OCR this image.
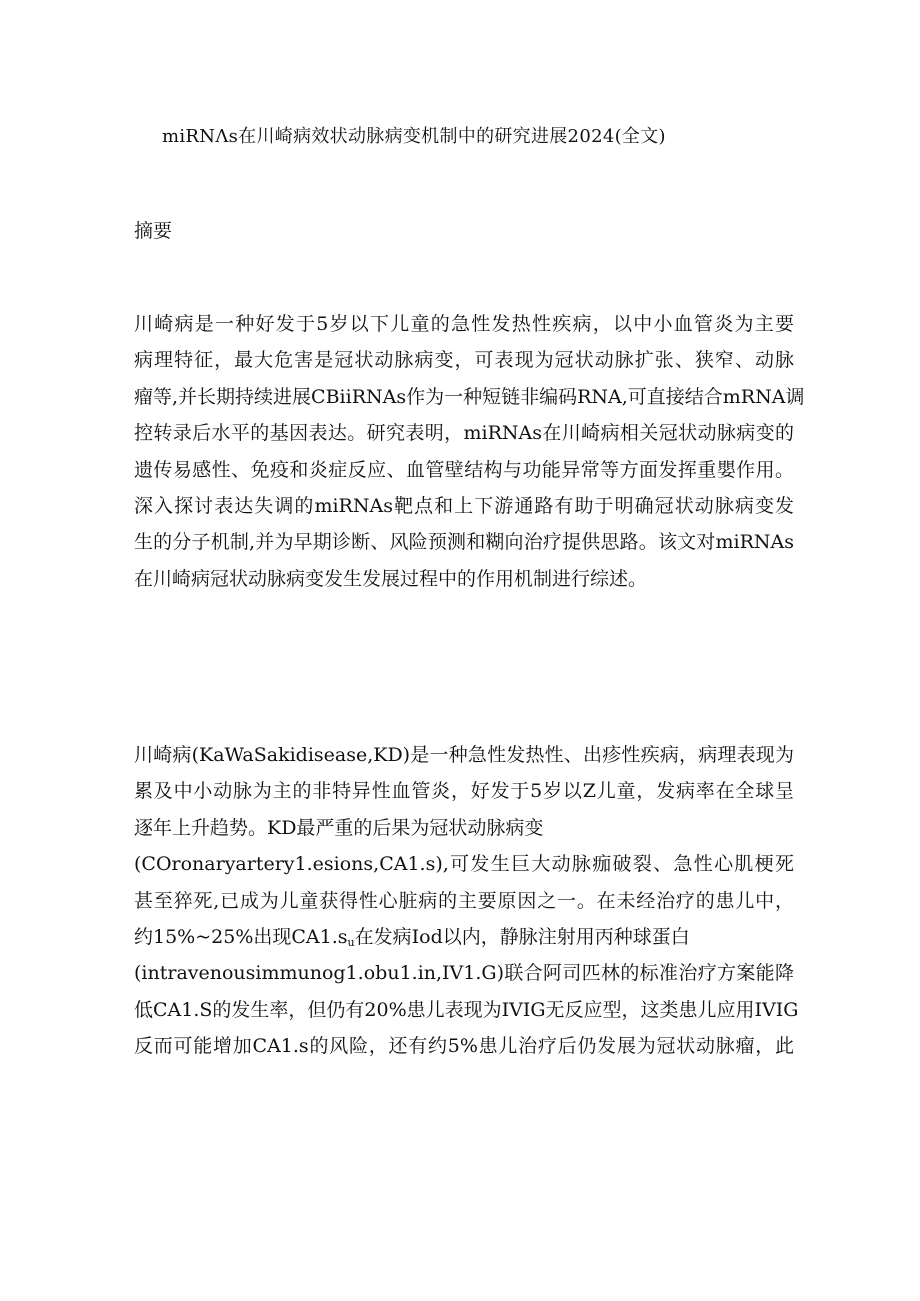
miRNΛs在川崎病效状动脉病变机制中的研究进展2024(全文)
摘要
川崎病是一种好发于5岁以下儿童的急性发热性疾病，以中小血管炎为主要
病理特征，最大危害是冠状动脉病变，可表现为冠状动脉扩张、狭窄、动脉
瘤等,并长期持续进展CBiiRNAs作为一种短链非编码RNA,可直接结合mRNA调
控转录后水平的基因表达。研究表明，miRNAs在川崎病相关冠状动脉病变的
遗传易感性、免疫和炎症反应、血管壁结构与功能异常等方面发挥重嬰作用。
深入探讨表达失调的miRNAs靶点和上下游通路有助于明确冠状动脉病变发
生的分子机制,并为早期诊断、风险预测和糊向治疗提供思路。该文对miRNAs
在川崎病冠状动脉病变发生发展过程中的作用机制进行综述。
川崎病(KaWaSakidisease,KD)是一种急性发热性、出疹性疾病，病理表现为
累及中小动脉为主的非特异性血管炎，好发于5岁以Z儿童，发病率在全球呈
逐年上升趋势。KD最严重的后果为冠状动脉病变
(COronaryartery1.esions,CA1.s),可发生巨大动脉痂破裂、急性心肌梗死
甚至猝死,已成为儿童获得性心脏病的主要原因之一。在未经治疗的患儿中，
约15%~25%出现$CA1.s_u$在发病Iod以内，静脉注射用丙种球蛋白
(intravenousimmunog1.obu1.in,IV1.G)联合阿司匹林的标准治疗方案能降
低CA1.S的发生率，但仍有20%患儿表现为IVIG无反应型，这类患儿应用IVIG
反而可能增加CA1.s的风险，还有约5%患儿治疗后仍发展为冠状动脉瘤，此
